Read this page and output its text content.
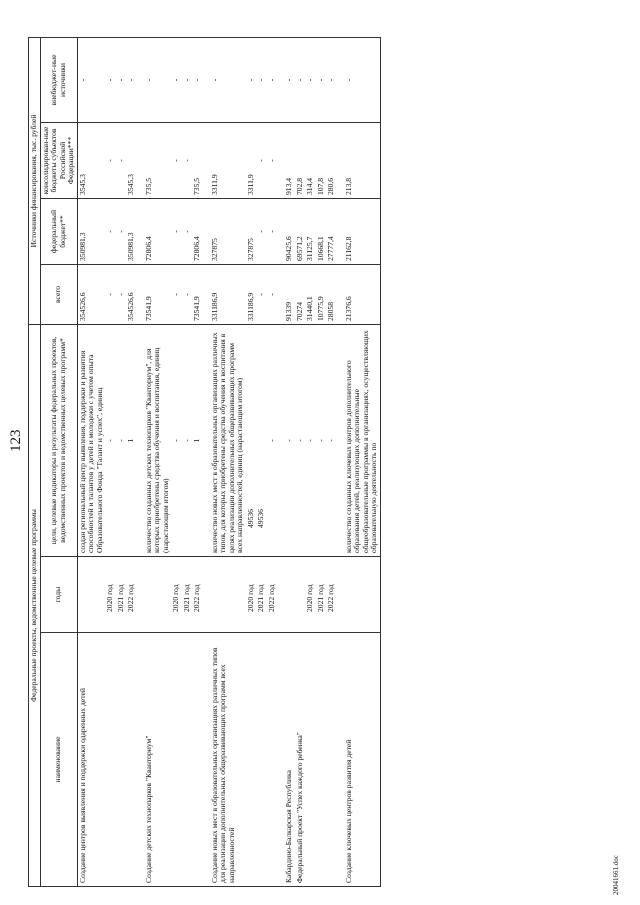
123
20041661.doc
Федеральные проекты, ведомственные целевые программы			Источники финансирования, тыс. рублей			
наименование	годы	цели, целевые индикаторы и результаты федеральных проектов, ведомственных проектов и ведомственных целевых программ*	всего	федеральный бюджет**	консолидирован-ные бюджеты субъектов Российской Федерации***	внебюджет-ные источники
Создание центров выявления и поддержки одаренных детей		создан региональный центр выявления, поддержки и развития способностей и талантов у детей и молодежи с учетом опыта Образовательного Фонда "Талант и успех", единиц	354526,6	350981,3	3545,3	-
	2020 год	-	-	-	-	-
	2021 год	-	-	-	-	-
	2022 год	1	354526,6	350981,3	3545,3	-

Создание детских технопарков "Кванториум"		количество созданных детских технопарков "Кванториум", для которых приобретены средства обучения и воспитания, единиц (нарастающим итогом)	73541,9	72806,4	735,5	-
	2020 год	-	-	-	-	-
	2021 год	-	-	-	-	-
	2022 год	1	73541,9	72806,4	735,5	-

Создание новых мест в образовательных организациях различных типов для реализации дополнительных общеразвивающих программ всех направленностей		количество новых мест в образовательных организациях различных типов, для которых приобретены средства обучения и воспитания в целях реализации дополнительных общеразвивающих программ всех направленностей, единиц (нарастающим итогом)	331186,9	327875	3311,9	-
	2020 год	49536	331186,9	327875	3311,9	-
	2021 год	49536	-	-	-	-
	2022 год	-	-	-	-	-

Кабардино-Балкарская Республика		-	91339	90425,6	913,4	-
Федеральный проект "Успех каждого ребенка"		-	70274	69571,2	702,8	-
	2020 год	-	31440,1	31125,7	314,4	-
	2021 год	-	10775,9	10668,1	107,8	-
	2022 год	-	28058	27777,4	280,6	-

Создание ключевых центров развития детей		количество созданных ключевых центров дополнительного образования детей, реализующих дополнительные общеобразовательные программы в организациях, осуществляющих образовательную деятельность по	21376,6	21162,8	213,8	-
